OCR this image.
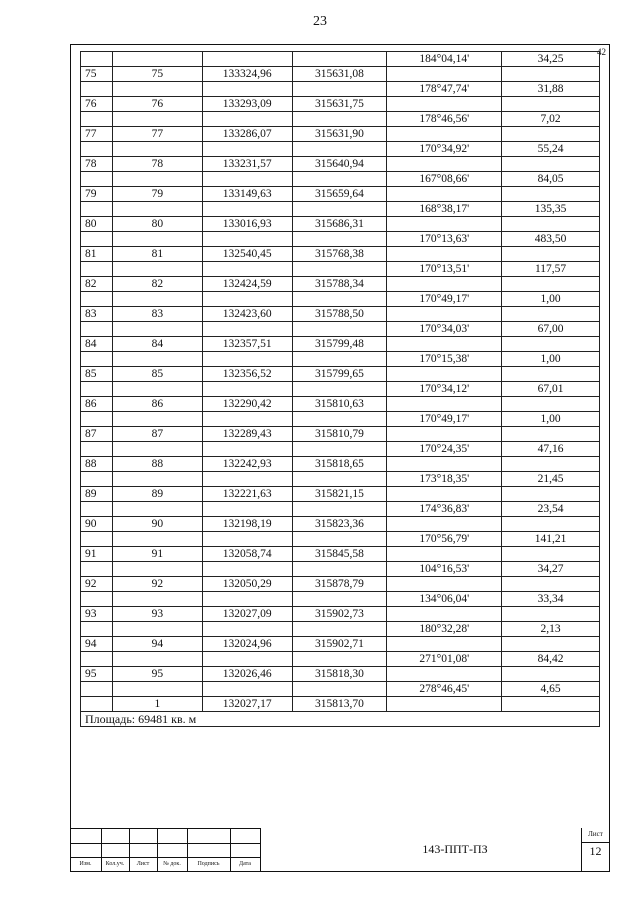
23
42
				184°04,14'	34,25
75	75	133324,96	315631,08		
				178°47,74'	31,88
76	76	133293,09	315631,75		
				178°46,56'	7,02
77	77	133286,07	315631,90		
				170°34,92'	55,24
78	78	133231,57	315640,94		
				167°08,66'	84,05
79	79	133149,63	315659,64		
				168°38,17'	135,35
80	80	133016,93	315686,31		
				170°13,63'	483,50
81	81	132540,45	315768,38		
				170°13,51'	117,57
82	82	132424,59	315788,34		
				170°49,17'	1,00
83	83	132423,60	315788,50		
				170°34,03'	67,00
84	84	132357,51	315799,48		
				170°15,38'	1,00
85	85	132356,52	315799,65		
				170°34,12'	67,01
86	86	132290,42	315810,63		
				170°49,17'	1,00
87	87	132289,43	315810,79		
				170°24,35'	47,16
88	88	132242,93	315818,65		
				173°18,35'	21,45
89	89	132221,63	315821,15		
				174°36,83'	23,54
90	90	132198,19	315823,36		
				170°56,79'	141,21
91	91	132058,74	315845,58		
				104°16,53'	34,27
92	92	132050,29	315878,79		
				134°06,04'	33,34
93	93	132027,09	315902,73		
				180°32,28'	2,13
94	94	132024,96	315902,71		
				271°01,08'	84,42
95	95	132026,46	315818,30		
				278°46,45'	4,65
	1	132027,17	315813,70		
Площадь: 69481 кв. м					
Изм.	Кол.уч.	Лист	№ док.	Подпись	Дата
143-ППТ-ПЗ
Лист
12
